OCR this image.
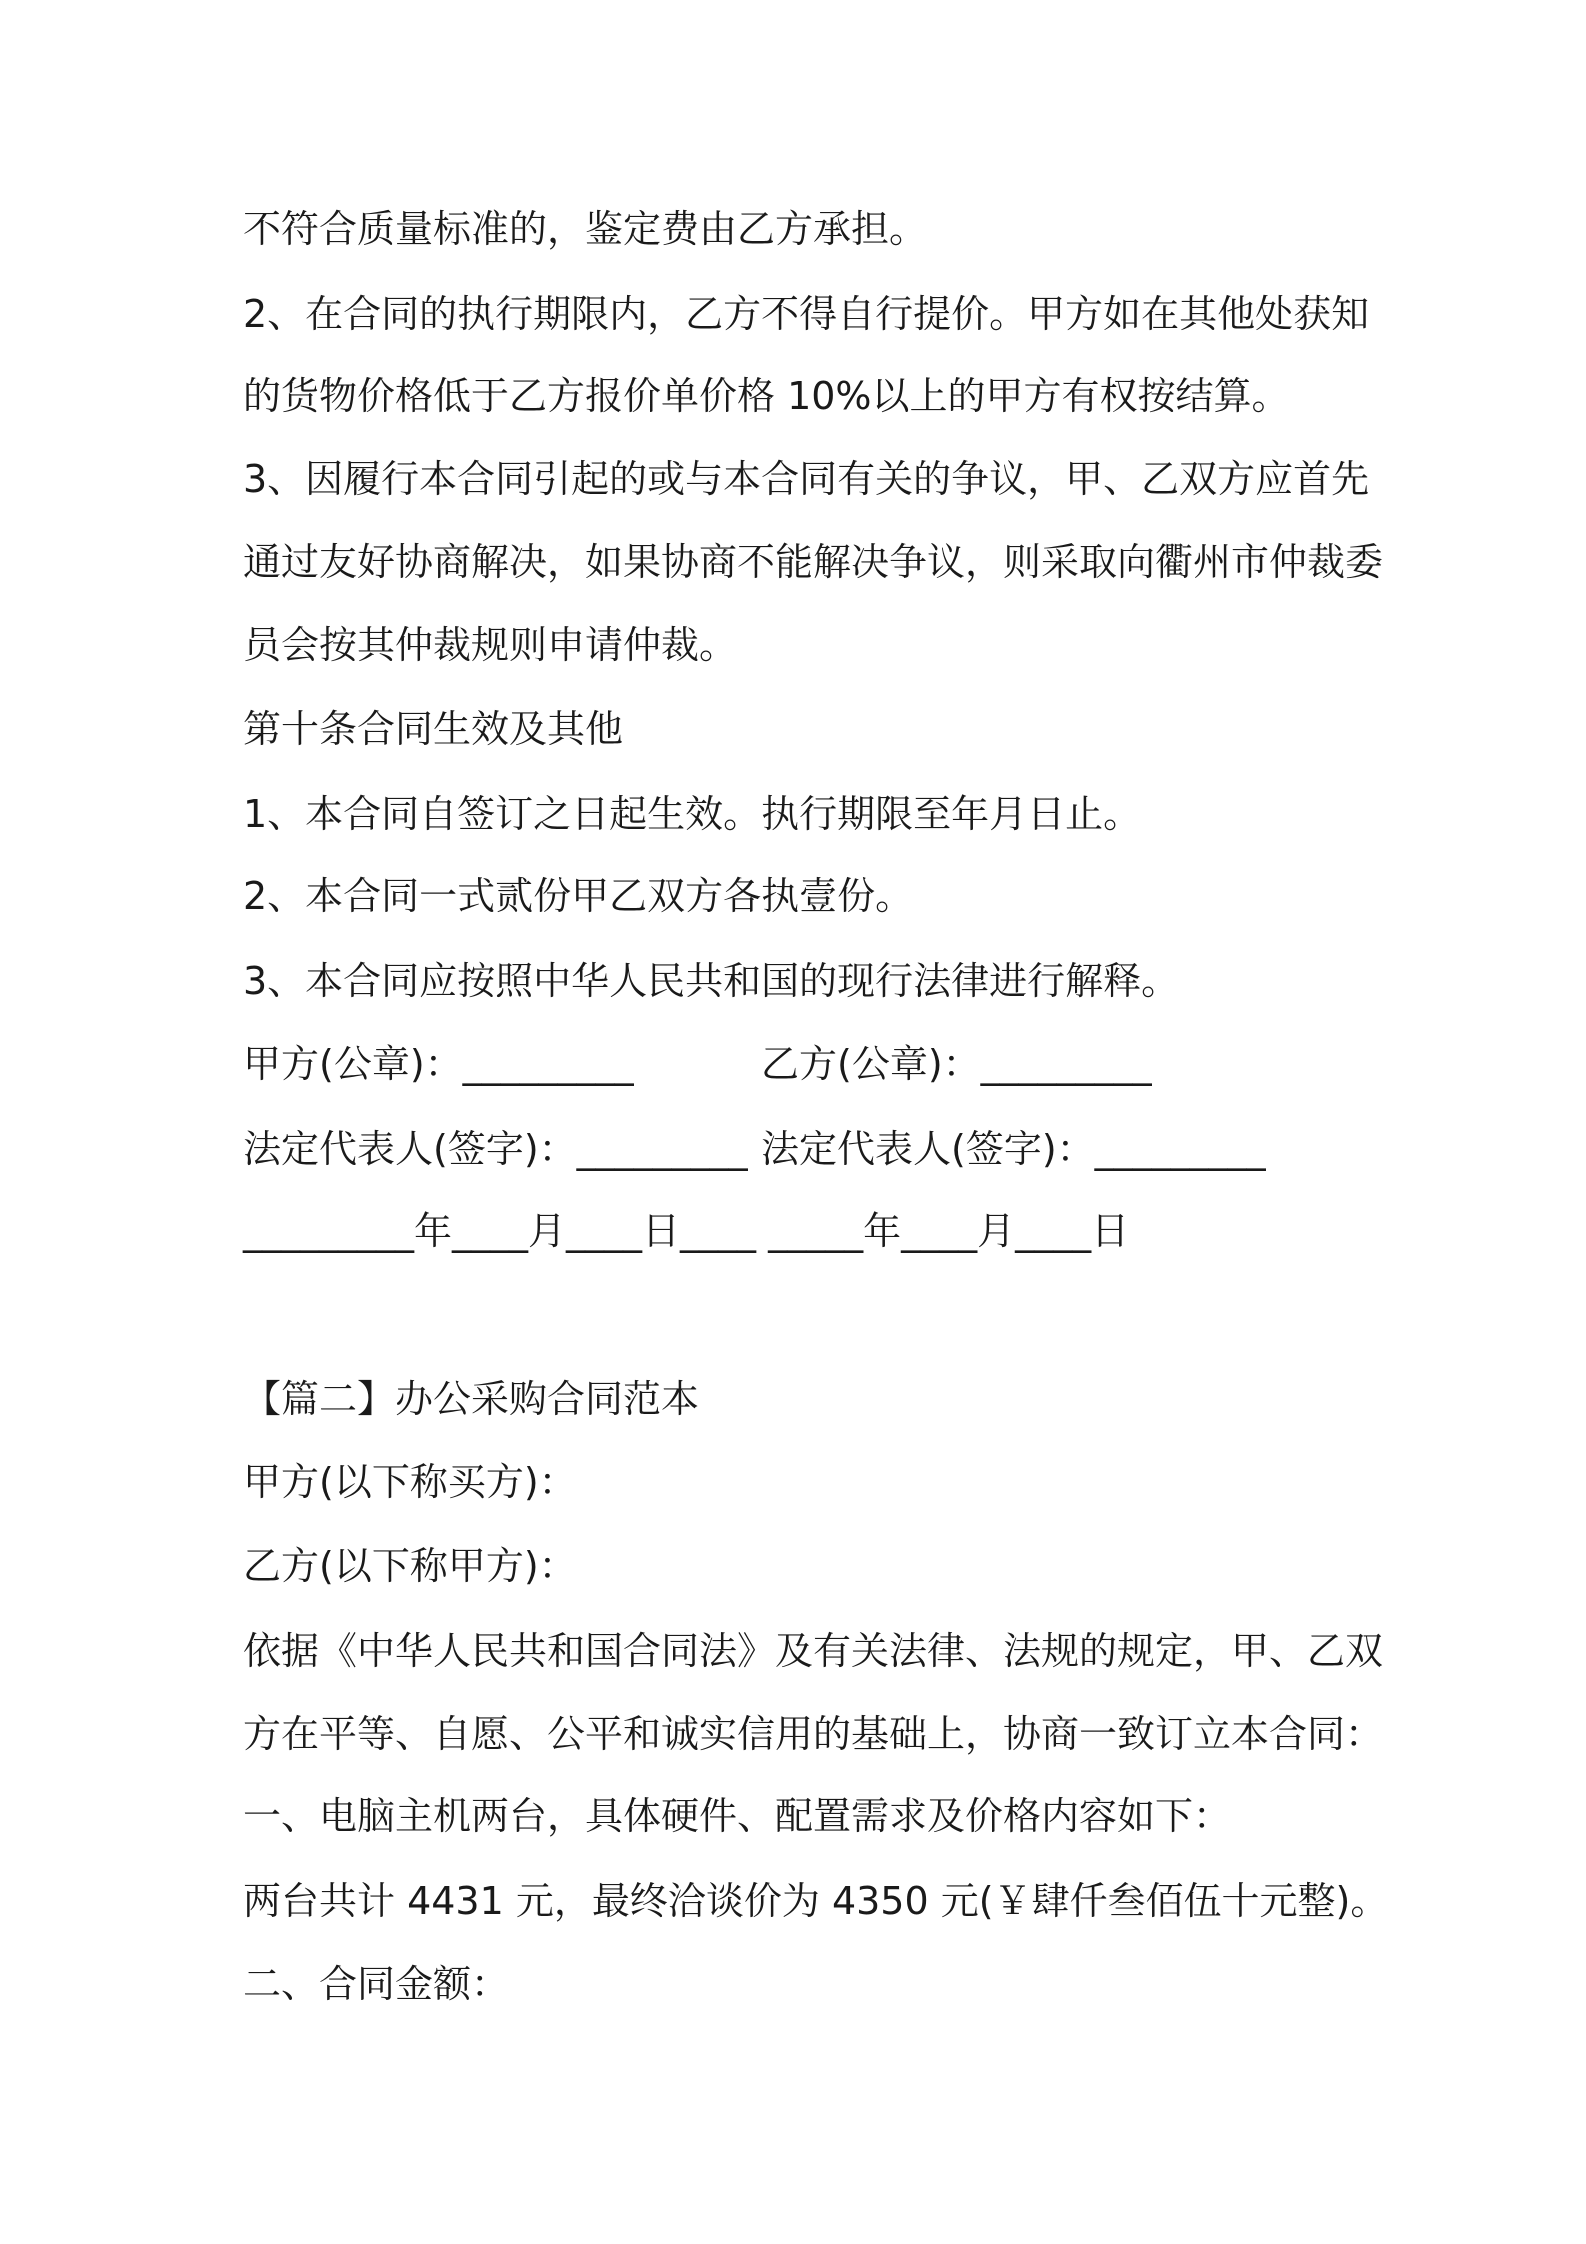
不符合质量标准的，鉴定费由乙方承担。
2、在合同的执行期限内，乙方不得自行提价。甲方如在其他处获知
的货物价格低于乙方报价单价格 10%以上的甲方有权按结算。
3、因履行本合同引起的或与本合同有关的争议，甲、乙双方应首先
通过友好协商解决，如果协商不能解决争议，则采取向衢州市仲裁委
员会按其仲裁规则申请仲裁。
第十条合同生效及其他
1、本合同自签订之日起生效。执行期限至年月日止。
2、本合同一式贰份甲乙双方各执壹份。
3、本合同应按照中华人民共和国的现行法律进行解释。
甲方(公章)：_________	乙方(公章)：_________
法定代表人(签字)：_________ 法定代表人(签字)：_________
_________年____月____日____ _____年____月____日
【篇二】办公采购合同范本
甲方(以下称买方)：
乙方(以下称甲方)：
依据《中华人民共和国合同法》及有关法律、法规的规定，甲、乙双
方在平等、自愿、公平和诚实信用的基础上，协商一致订立本合同：
一、电脑主机两台，具体硬件、配置需求及价格内容如下：
两台共计 4431 元，最终洽谈价为 4350 元(￥肆仟叁佰伍十元整)。
二、合同金额：
